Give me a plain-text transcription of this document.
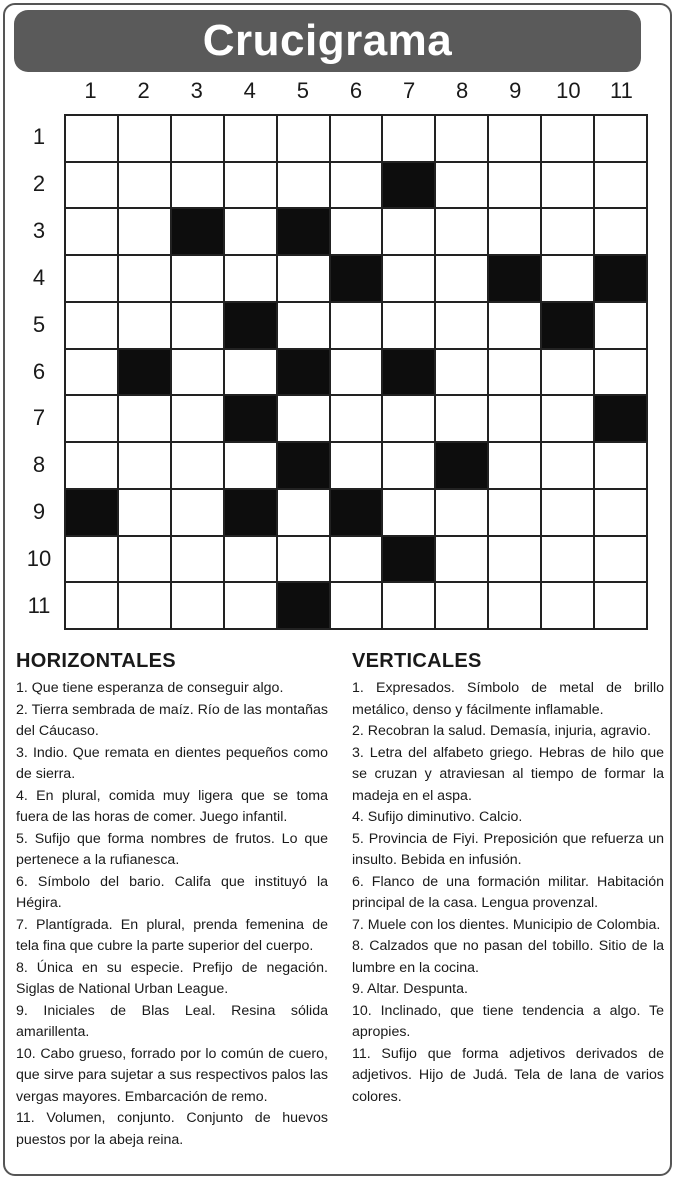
Crucigrama
1	2	3	4	5	6	7	8	9	10	11
1
2
3
4
5
6
7
8
9
10
11
HORIZONTALES

1. Que tiene esperanza de conseguir algo.

2. Tierra sembrada de maíz. Río de las montañas del Cáucaso.

3. Indio. Que remata en dientes pequeños como de sierra.

4. En plural, comida muy ligera que se toma fuera de las horas de comer. Juego infantil.

5. Sufijo que forma nombres de frutos. Lo que pertenece a la rufianesca.

6. Símbolo del bario. Califa que instituyó la Hégira.

7. Plantígrada. En plural, prenda femenina de tela fina que cubre la parte superior del cuerpo.

8. Única en su especie. Prefijo de negación. Siglas de National Urban League.

9. Iniciales de Blas Leal. Resina sólida amarillenta.

10. Cabo grueso, forrado por lo común de cuero, que sirve para sujetar a sus respectivos palos las vergas mayores. Embarcación de remo.

11. Volumen, conjunto. Conjunto de huevos puestos por la abeja reina.

VERTICALES

1. Expresados. Símbolo de metal de brillo metálico, denso y fácilmente inflamable.

2. Recobran la salud. Demasía, injuria, agravio.

3. Letra del alfabeto griego. Hebras de hilo que se cruzan y atraviesan al tiempo de formar la madeja en el aspa.

4. Sufijo diminutivo. Calcio.

5. Provincia de Fiyi. Preposición que refuerza un insulto. Bebida en infusión.

6. Flanco de una formación militar. Habitación principal de la casa. Lengua provenzal.

7. Muele con los dientes. Municipio de Colombia.

8. Calzados que no pasan del tobillo. Sitio de la lumbre en la cocina.

9. Altar. Despunta.

10. Inclinado, que tiene tendencia a algo. Te apropies.

11. Sufijo que forma adjetivos derivados de adjetivos. Hijo de Judá. Tela de lana de varios colores.
